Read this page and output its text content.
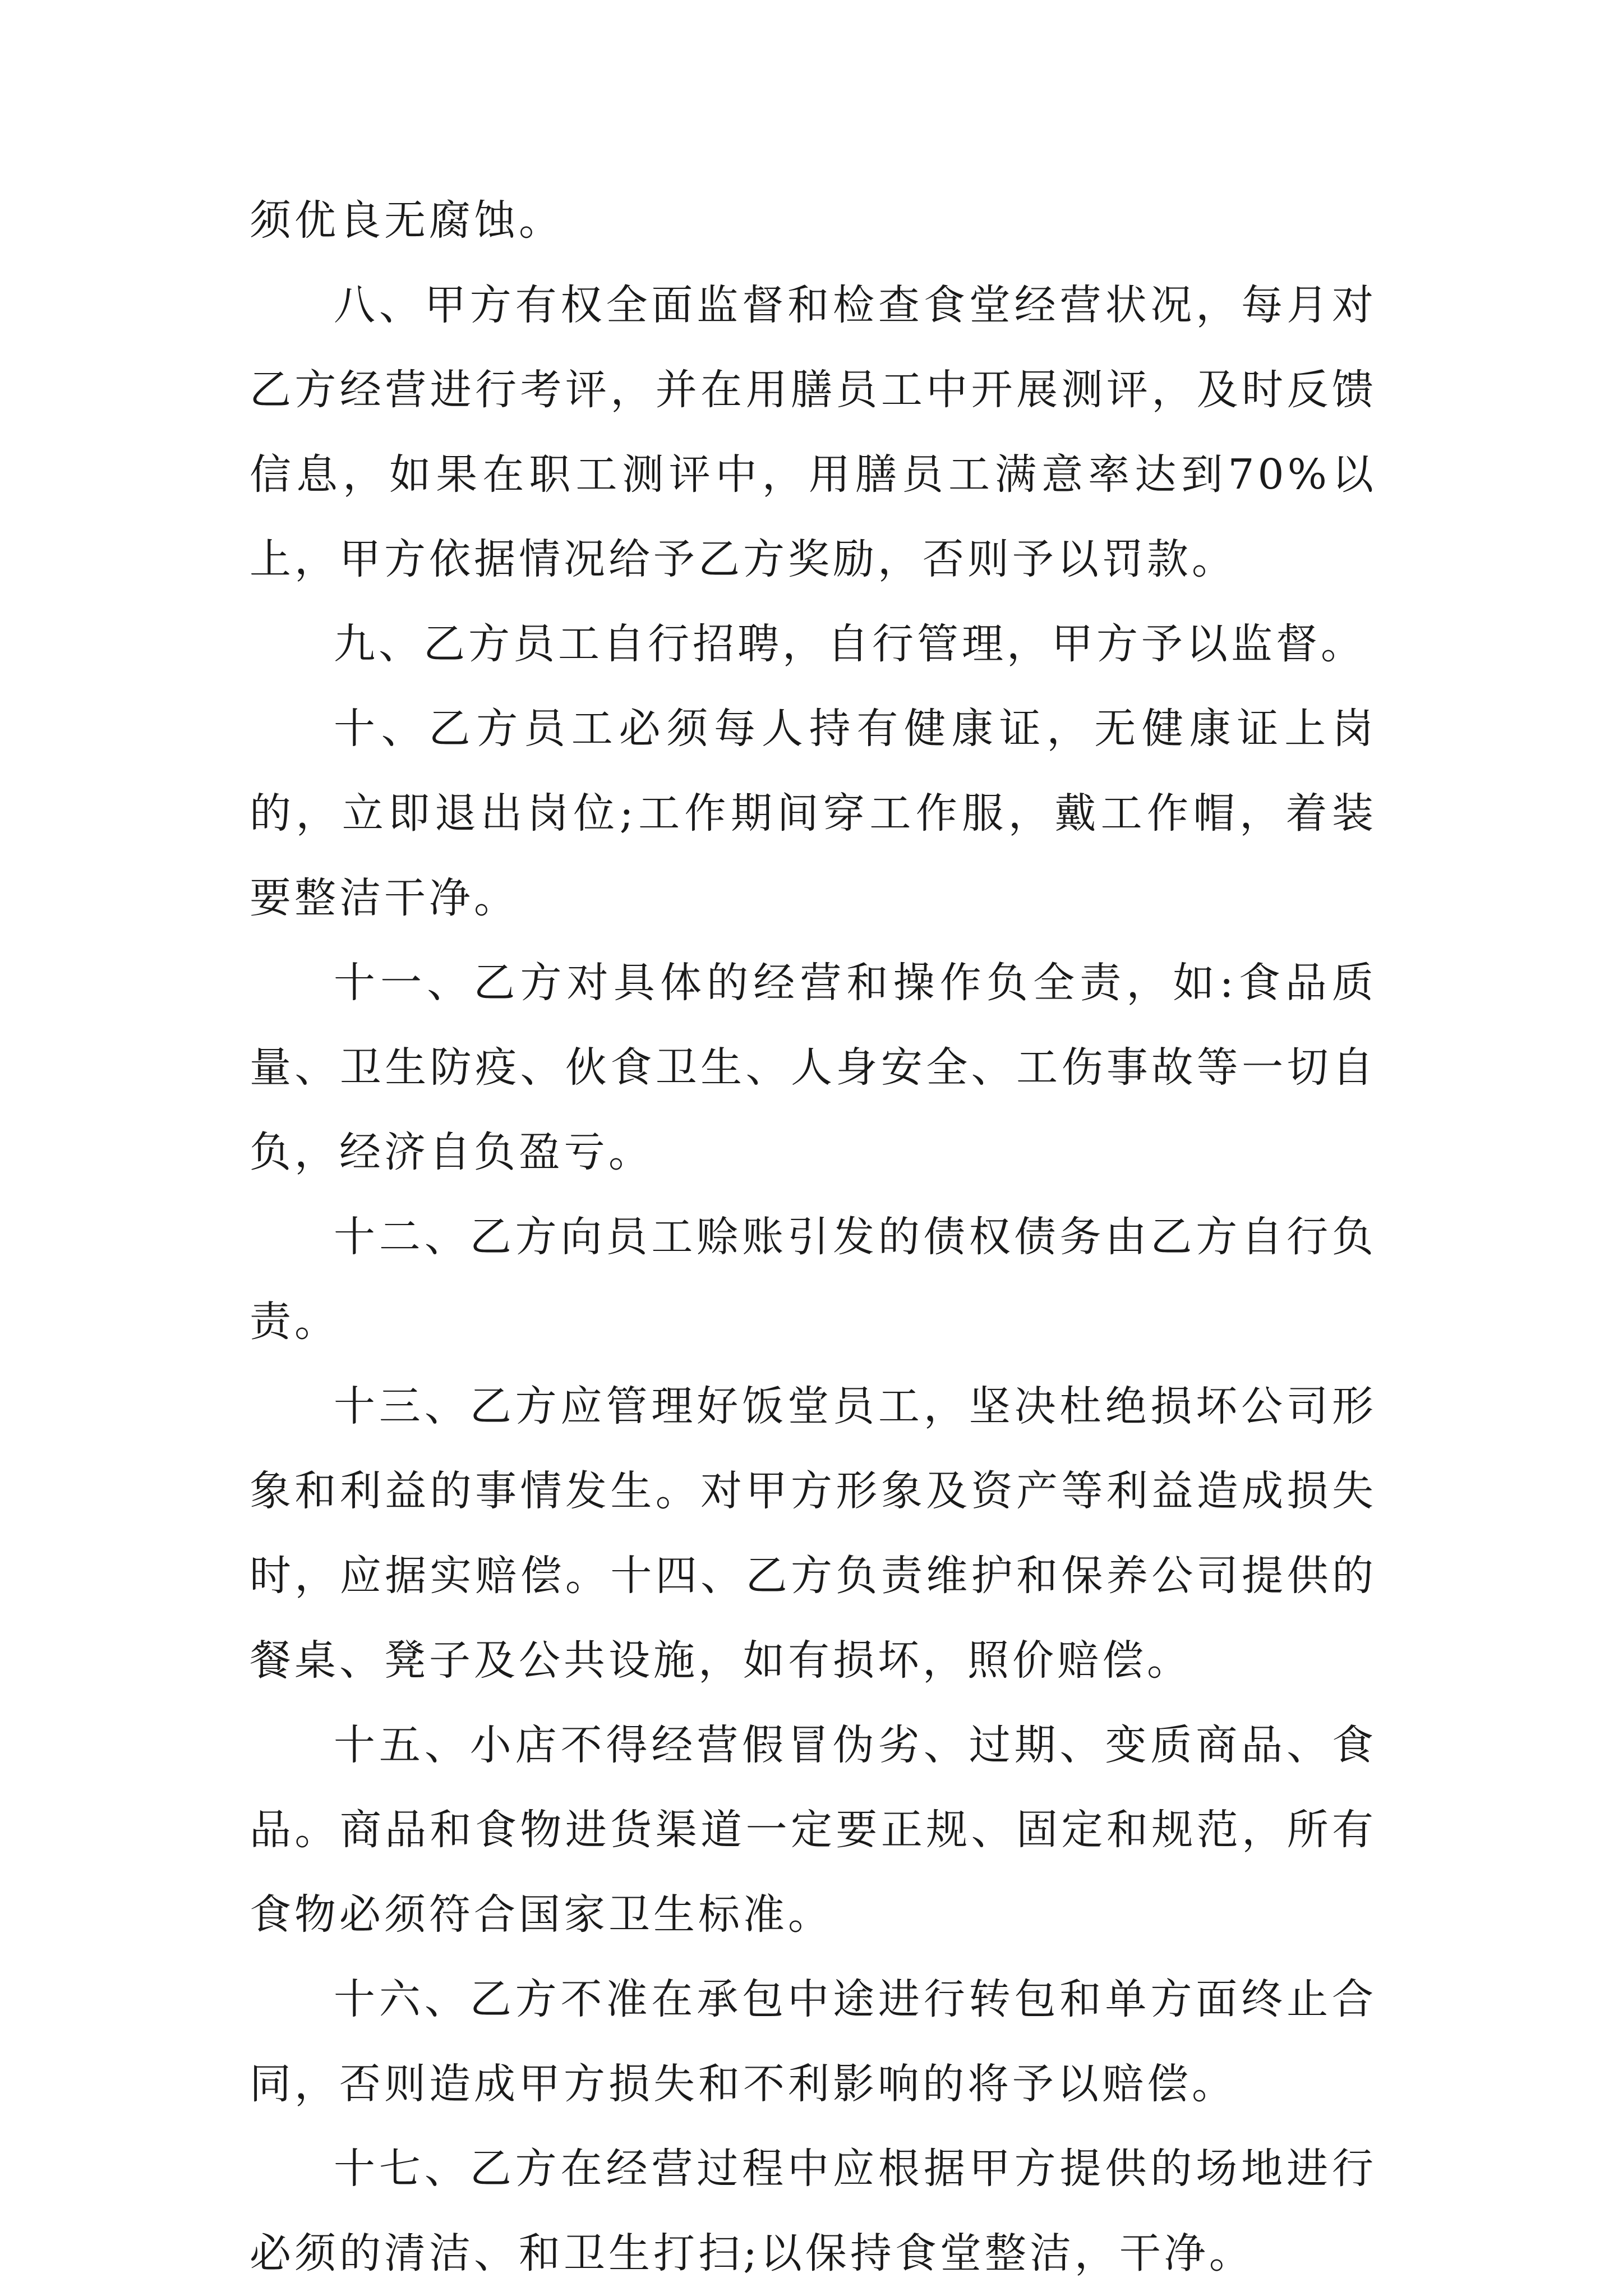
须优良无腐蚀。

八、甲方有权全面监督和检查食堂经营状况，每月对乙方经营进行考评，并在用膳员工中开展测评，及时反馈信息，如果在职工测评中，用膳员工满意率达到70%以上，甲方依据情况给予乙方奖励，否则予以罚款。

九、乙方员工自行招聘，自行管理，甲方予以监督。

十、乙方员工必须每人持有健康证，无健康证上岗的，立即退出岗位;工作期间穿工作服，戴工作帽，着装要整洁干净。

十一、乙方对具体的经营和操作负全责，如:食品质量、卫生防疫、伙食卫生、人身安全、工伤事故等一切自负，经济自负盈亏。

十二、乙方向员工赊账引发的债权债务由乙方自行负责。

十三、乙方应管理好饭堂员工，坚决杜绝损坏公司形象和利益的事情发生。对甲方形象及资产等利益造成损失时，应据实赔偿。十四、乙方负责维护和保养公司提供的餐桌、凳子及公共设施，如有损坏，照价赔偿。

十五、小店不得经营假冒伪劣、过期、变质商品、食品。商品和食物进货渠道一定要正规、固定和规范，所有食物必须符合国家卫生标准。

十六、乙方不准在承包中途进行转包和单方面终止合同，否则造成甲方损失和不利影响的将予以赔偿。

十七、乙方在经营过程中应根据甲方提供的场地进行必须的清洁、和卫生打扫;以保持食堂整洁，干净。
